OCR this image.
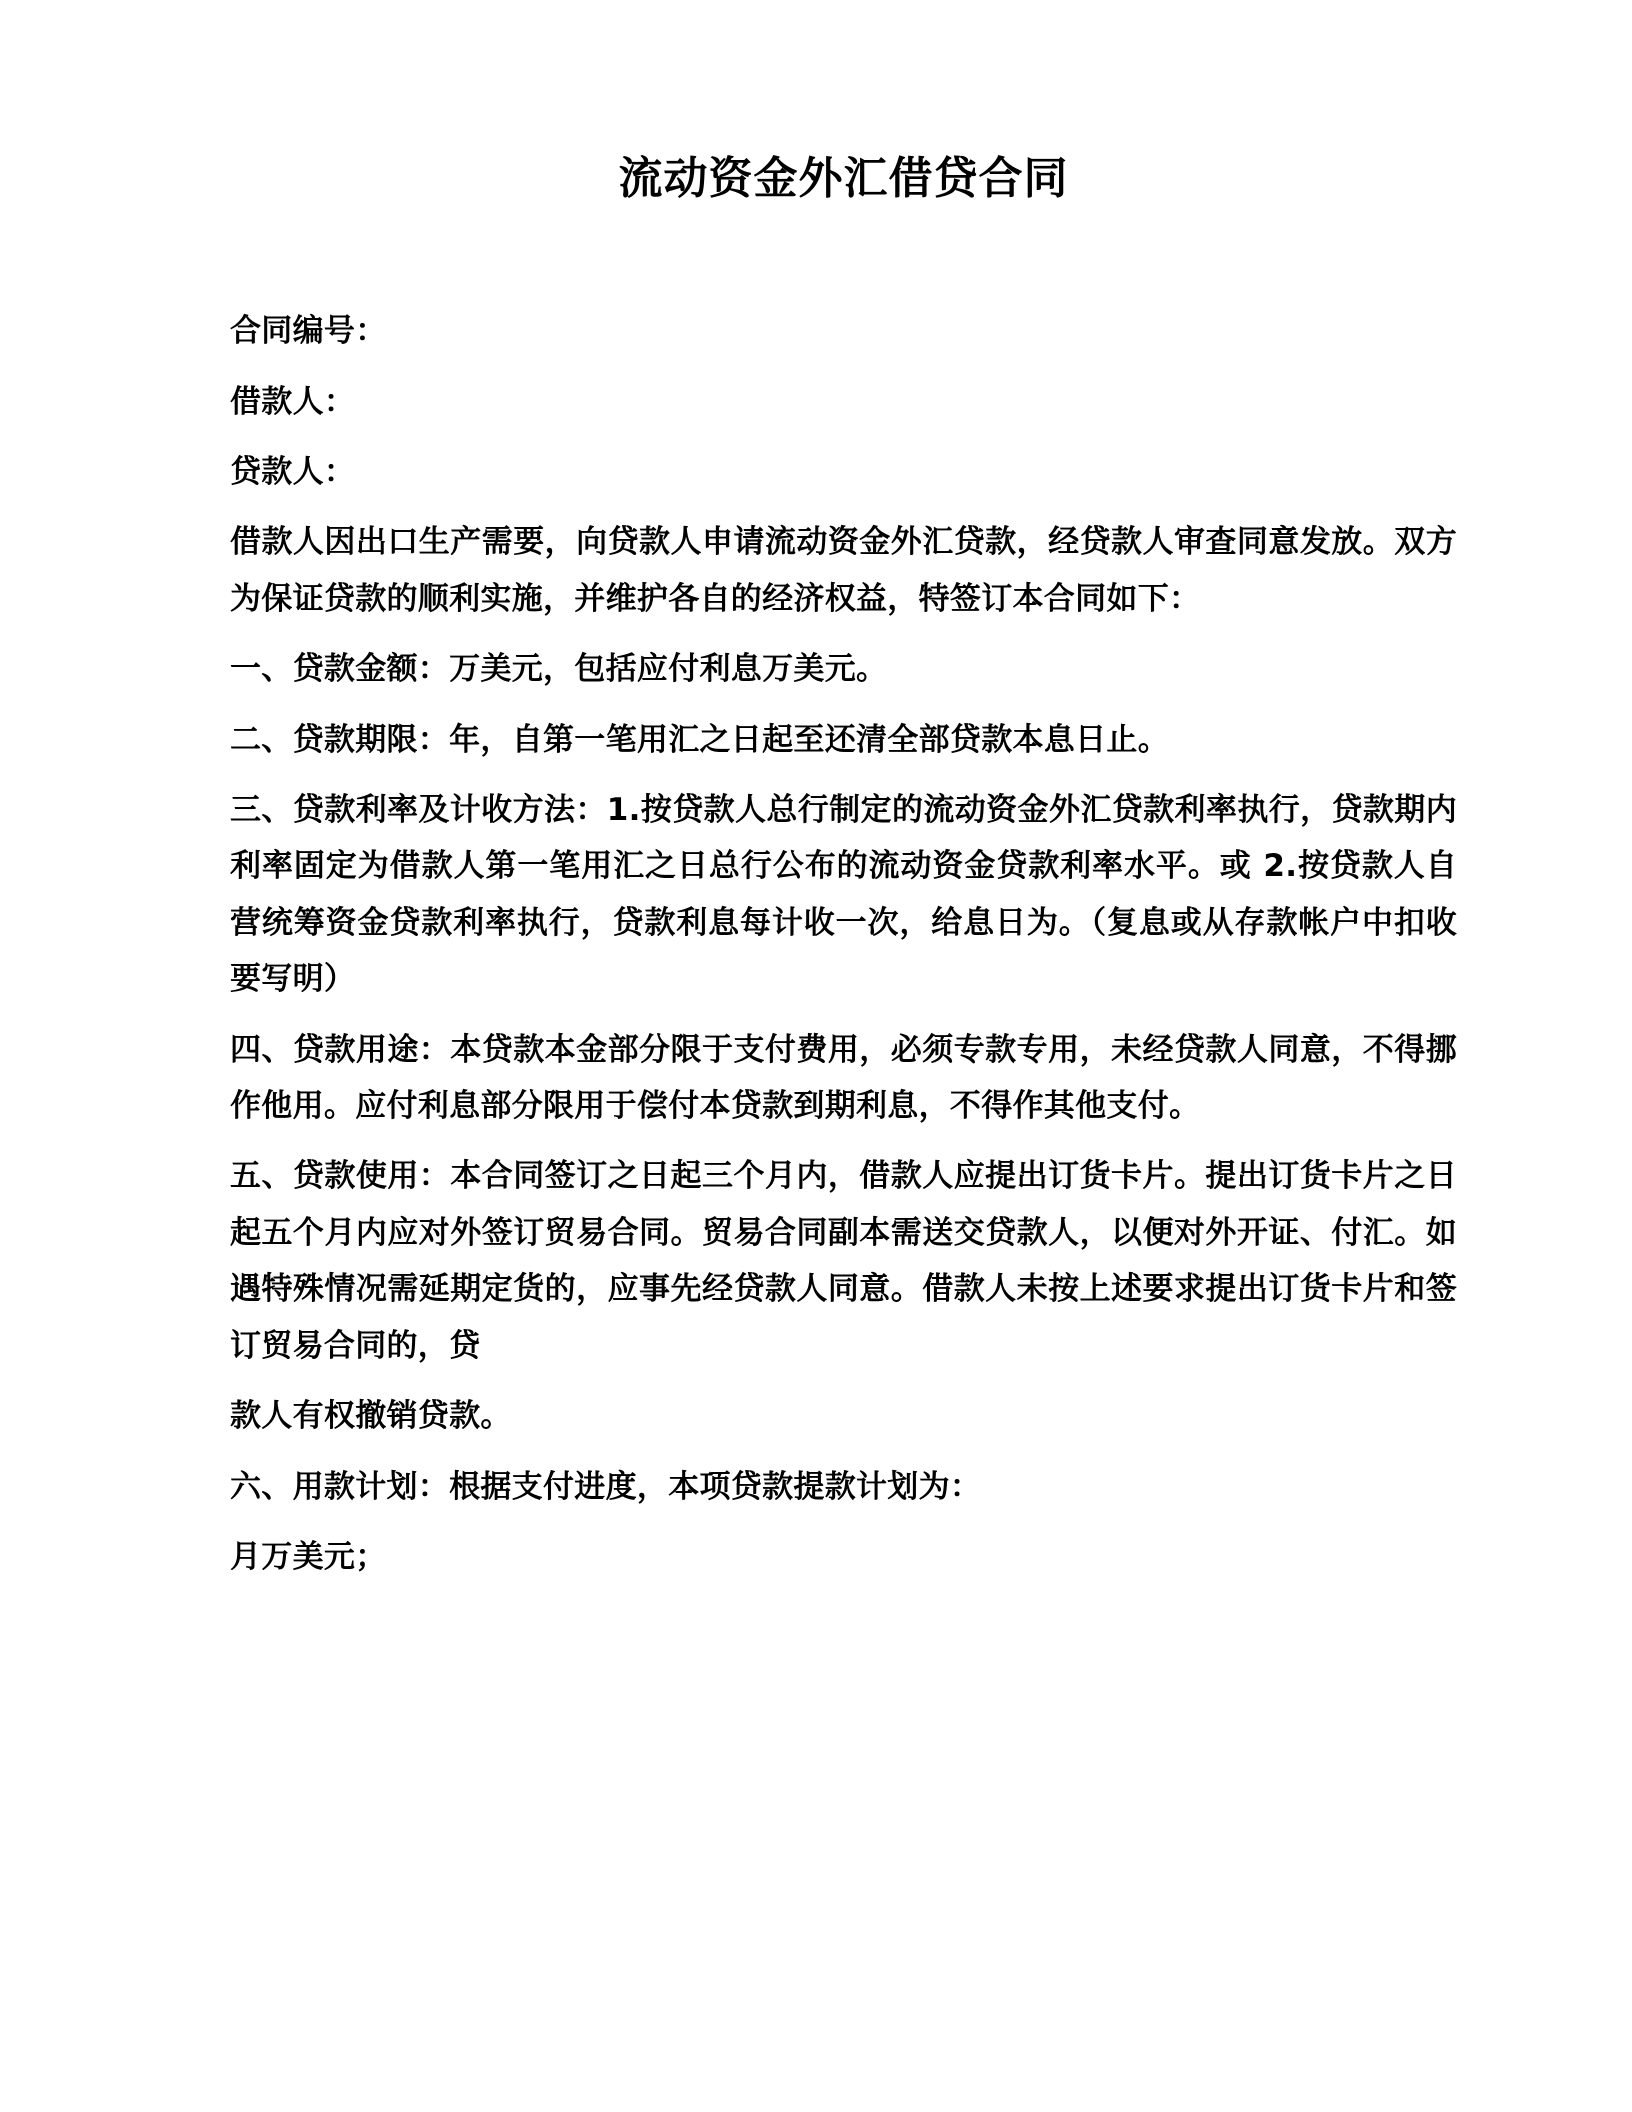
流动资金外汇借贷合同

合同编号：

借款人：

贷款人：

借款人因出口生产需要，向贷款人申请流动资金外汇贷款，经贷款人审查同意发放。双方为保证贷款的顺利实施，并维护各自的经济权益，特签订本合同如下：

一、贷款金额：万美元，包括应付利息万美元。

二、贷款期限：年，自第一笔用汇之日起至还清全部贷款本息日止。

三、贷款利率及计收方法：1.按贷款人总行制定的流动资金外汇贷款利率执行，贷款期内利率固定为借款人第一笔用汇之日总行公布的流动资金贷款利率水平。或 2.按贷款人自营统筹资金贷款利率执行，贷款利息每计收一次，给息日为。（复息或从存款帐户中扣收要写明）

四、贷款用途：本贷款本金部分限于支付费用，必须专款专用，未经贷款人同意，不得挪作他用。应付利息部分限用于偿付本贷款到期利息，不得作其他支付。

五、贷款使用：本合同签订之日起三个月内，借款人应提出订货卡片。提出订货卡片之日起五个月内应对外签订贸易合同。贸易合同副本需送交贷款人，以便对外开证、付汇。如遇特殊情况需延期定货的，应事先经贷款人同意。借款人未按上述要求提出订货卡片和签订贸易合同的，贷

款人有权撤销贷款。

六、用款计划：根据支付进度，本项贷款提款计划为：

月万美元；
